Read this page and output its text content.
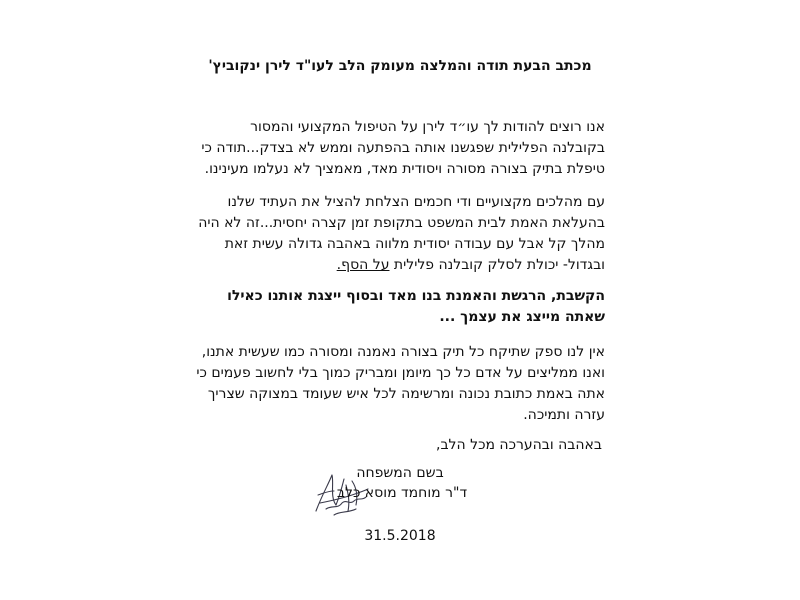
מכתב הבעת תודה והמלצה מעומק הלב לעו"ד לירן ינקוביץ'
אנו רוצים להודות לך עו״ד לירן על הטיפול המקצועי והמסור בקובלנה הפלילית שפגשנו אותה בהפתעה וממש לא בצדק...תודה כי טיפלת בתיק בצורה מסורה ויסודית מאד, מאמציך לא נעלמו מעינינו.
עם מהלכים מקצועיים ודי חכמים הצלחת להציל את העתיד שלנו בהעלאת האמת לבית המשפט בתקופת זמן קצרה יחסית...זה לא היה מהלך קל אבל עם עבודה יסודית מלווה באהבה גדולה עשית זאת ובגדול- יכולת לסלק קובלנה פלילית על הסף.
הקשבת, הרגשת והאמנת בנו מאד ובסוף ייצגת אותנו כאילו שאתה מייצג את עצמך ...
אין לנו ספק שתיקח כל תיק בצורה נאמנה ומסורה כמו שעשית אתנו, ואנו ממליצים על אדם כל כך מיומן ומבריק כמוך בלי לחשוב פעמים כי אתה באמת כתובת נכונה ומרשימה לכל איש שעומד במצוקה שצריך עזרה ותמיכה.
באהבה ובהערכה מכל הלב,
בשם המשפחה
ד"ר מוחמד מוסא כלב
31.5.2018
